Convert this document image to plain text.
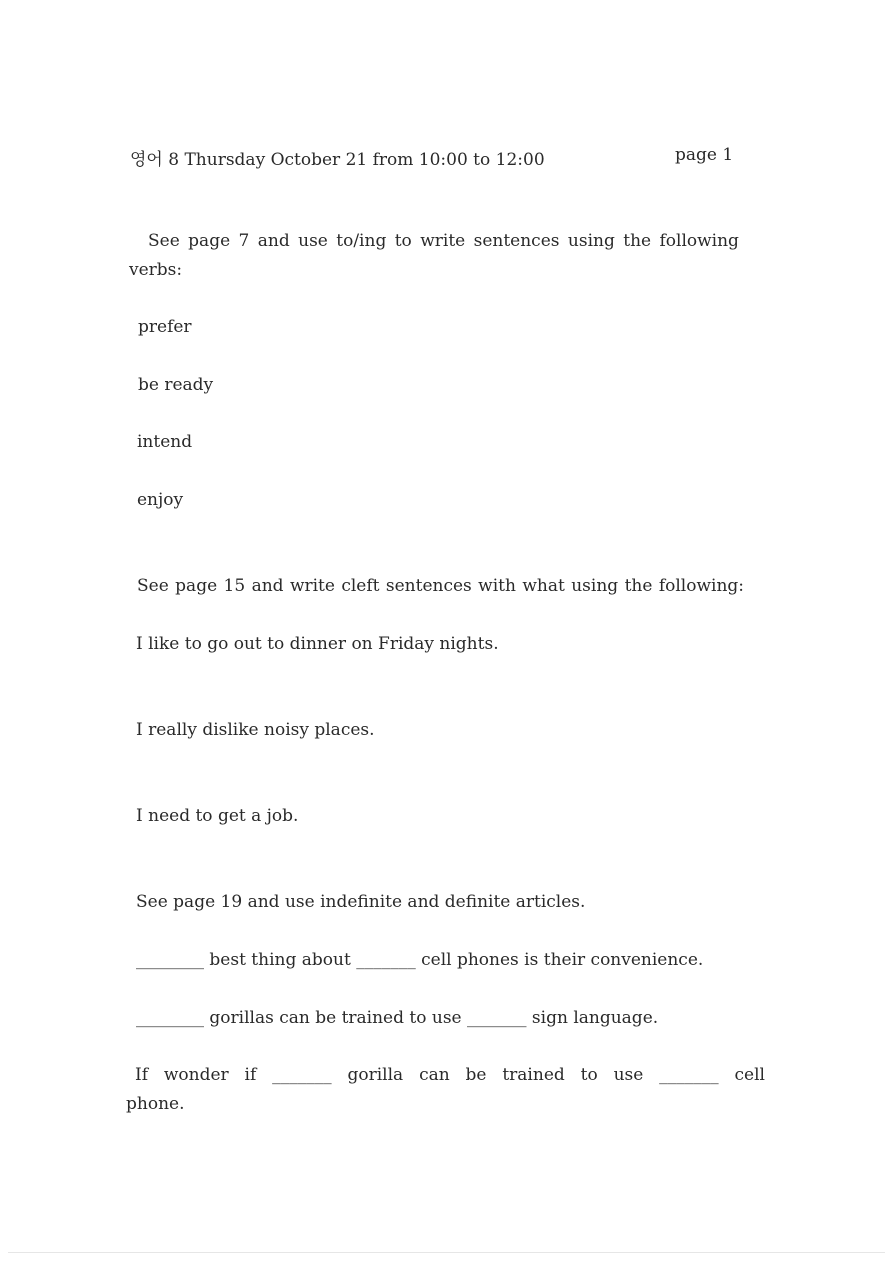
영어 8 Thursday October 21 from 10:00 to 12:00	page 1
See page 7 and use to/ing to write sentences using the following
verbs:
prefer
be ready
intend
enjoy
See page 15 and write cleft sentences with what using the following:
I like to go out to dinner on Friday nights.
I really dislike noisy places.
I need to get a job.
See page 19 and use indefinite and definite articles.
________ best thing about _______ cell phones is their convenience.
________ gorillas can be trained to use _______ sign language.
If wonder if _______ gorilla can be trained to use _______ cell
phone.
